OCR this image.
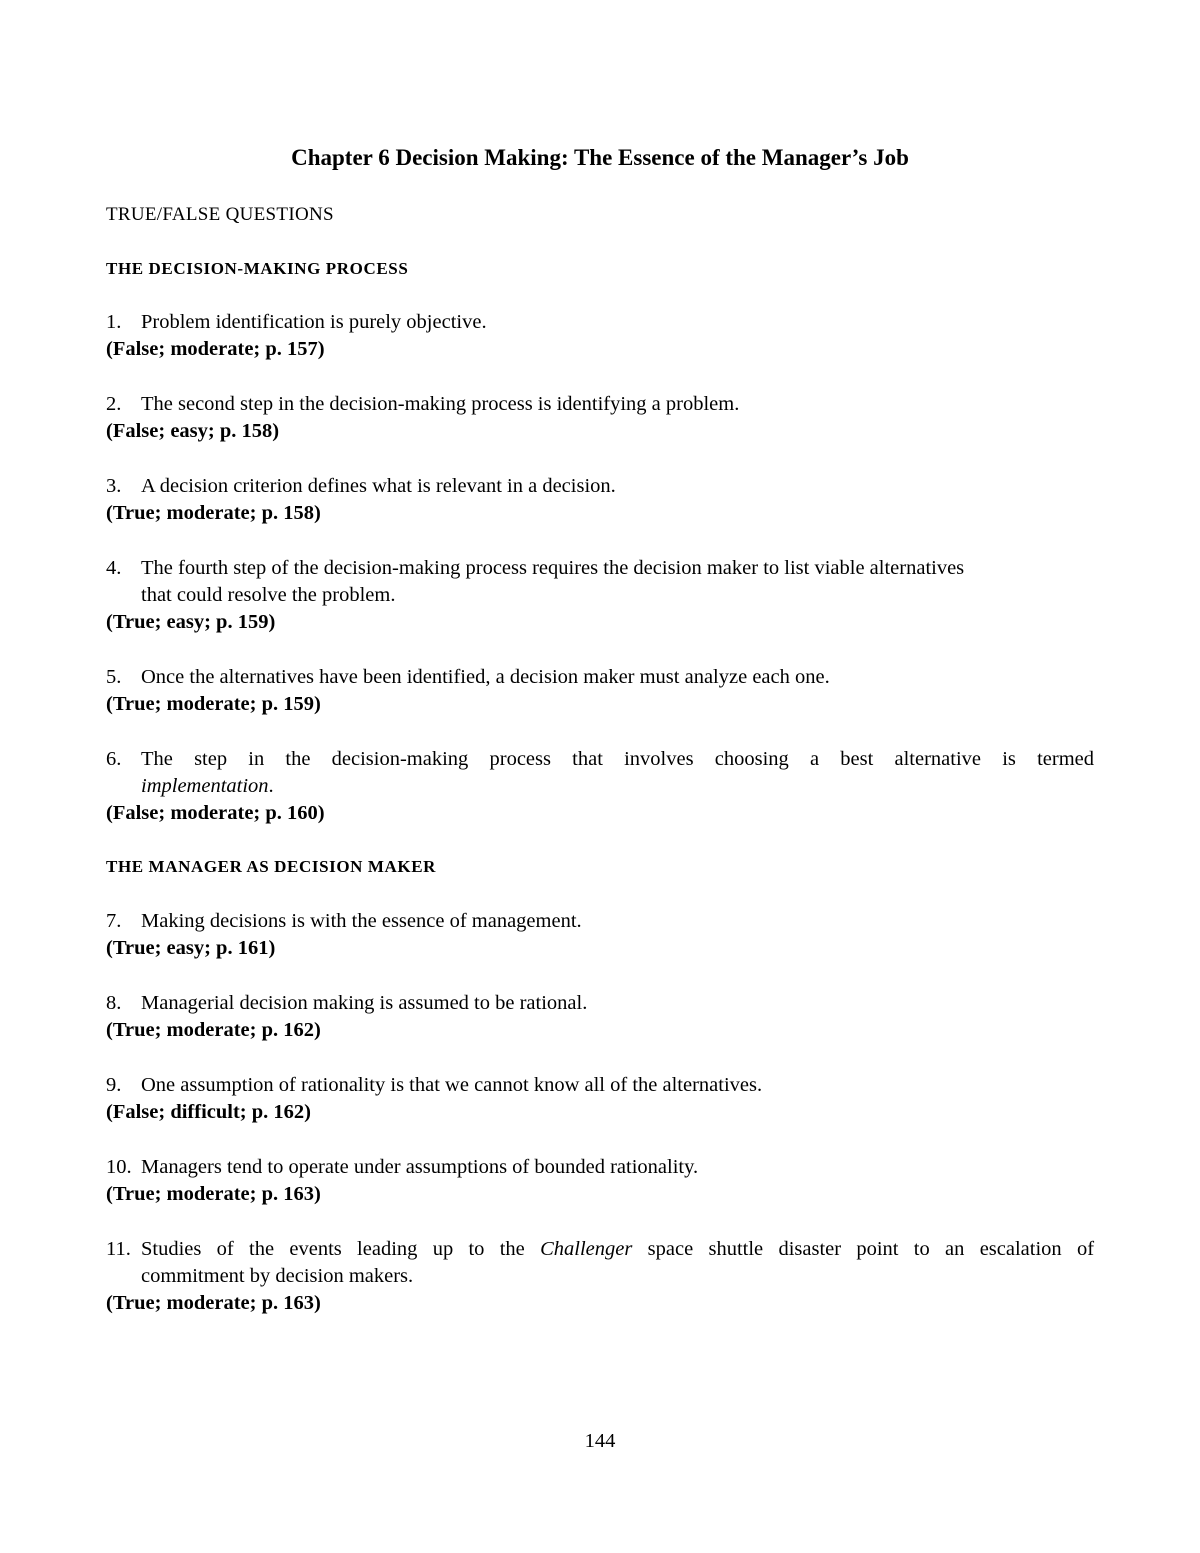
Chapter 6 Decision Making: The Essence of the Manager’s Job
TRUE/FALSE QUESTIONS
THE DECISION-MAKING PROCESS
1. Problem identification is purely objective.
(False; moderate; p. 157)
2. The second step in the decision-making process is identifying a problem.
(False; easy; p. 158)
3. A decision criterion defines what is relevant in a decision.
(True; moderate; p. 158)
4. The fourth step of the decision-making process requires the decision maker to list viable alternatives
that could resolve the problem.
(True; easy; p. 159)
5. Once the alternatives have been identified, a decision maker must analyze each one.
(True; moderate; p. 159)
6. The step in the decision-making process that involves choosing a best alternative is termed
implementation.
(False; moderate; p. 160)
THE MANAGER AS DECISION MAKER
7. Making decisions is with the essence of management.
(True; easy; p. 161)
8. Managerial decision making is assumed to be rational.
(True; moderate; p. 162)
9. One assumption of rationality is that we cannot know all of the alternatives.
(False; difficult; p. 162)
10. Managers tend to operate under assumptions of bounded rationality.
(True; moderate; p. 163)
11. Studies of the events leading up to the Challenger space shuttle disaster point to an escalation of
commitment by decision makers.
(True; moderate; p. 163)
144
